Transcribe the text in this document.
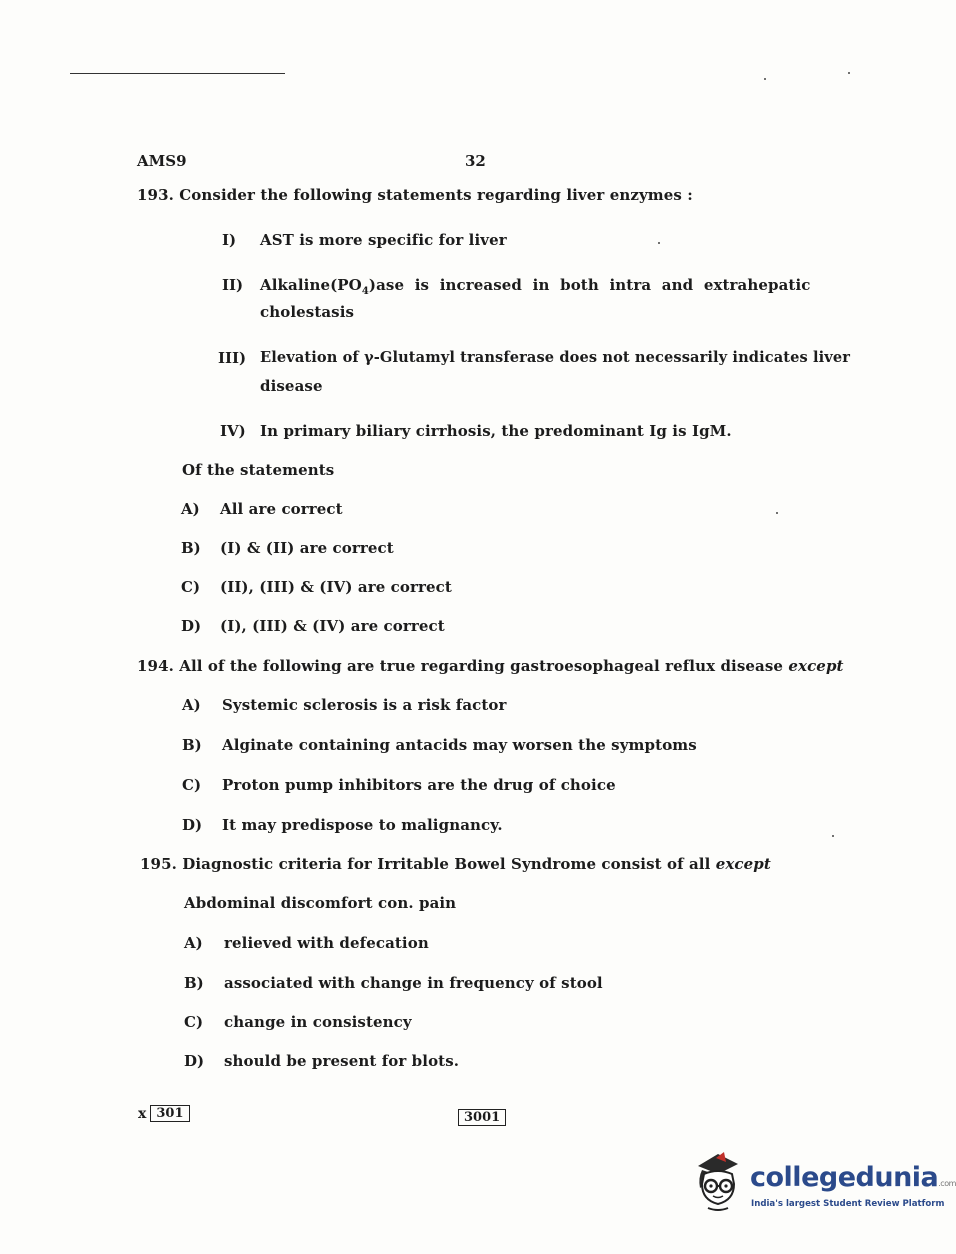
AMS9	32
193. Consider the following statements regarding liver enzymes :
I) AST is more specific for liver
II) $Alkaline(PO_4)ase$  is  increased  in  both  intra  and  extrahepatic
cholestasis
III) Elevation of γ-Glutamyl transferase does not necessarily indicates liver
disease
IV) In primary biliary cirrhosis, the predominant Ig is IgM.
Of the statements
A) All are correct
B) (I) & (II) are correct
C) (II), (III) & (IV) are correct
D) (I), (III) & (IV) are correct
194. All of the following are true regarding gastroesophageal reflux disease except
A) Systemic sclerosis is a risk factor
B) Alginate containing antacids may worsen the symptoms
C) Proton pump inhibitors are the drug of choice
D) It may predispose to malignancy.
195. Diagnostic criteria for Irritable Bowel Syndrome consist of all except
Abdominal discomfort con. pain
A) relieved with defecation
B) associated with change in frequency of stool
C) change in consistency
D) should be present for blots.
x 301	3001
collegedunia.com
India's largest Student Review Platform
